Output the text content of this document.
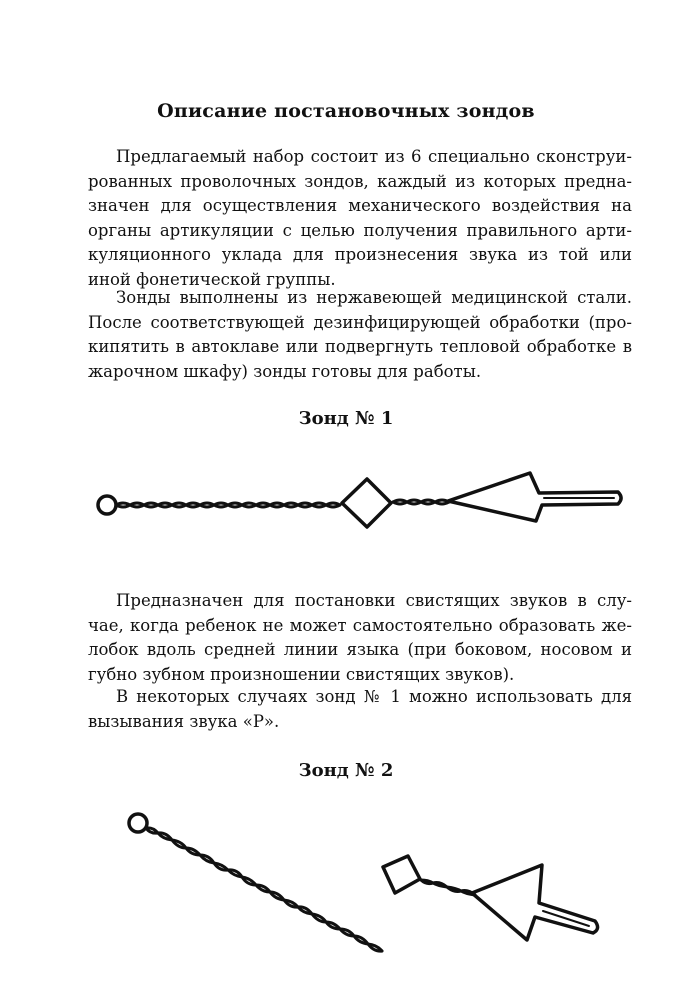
Описание постановочных зондов
Предлагаемый набор состоит из 6 специально сконструи-
рованных проволочных зондов, каждый из которых предна-
значен для осуществления механического воздействия на
органы артикуляции с целью получения правильного арти-
куляционного уклада для произнесения звука из той или
иной фонетической группы.
Зонды выполнены из нержавеющей медицинской стали.
После соответствующей дезинфицирующей обработки (про-
кипятить в автоклаве или подвергнуть тепловой обработке в
жарочном шкафу) зонды готовы для работы.
Зонд № 1
Предназначен для постановки свистящих звуков в слу-
чае, когда ребенок не может самостоятельно образовать же-
лобок вдоль средней линии языка (при боковом, носовом и
губно зубном произношении свистящих звуков).
В некоторых случаях зонд № 1 можно использовать для
вызывания звука «Р».
Зонд № 2
